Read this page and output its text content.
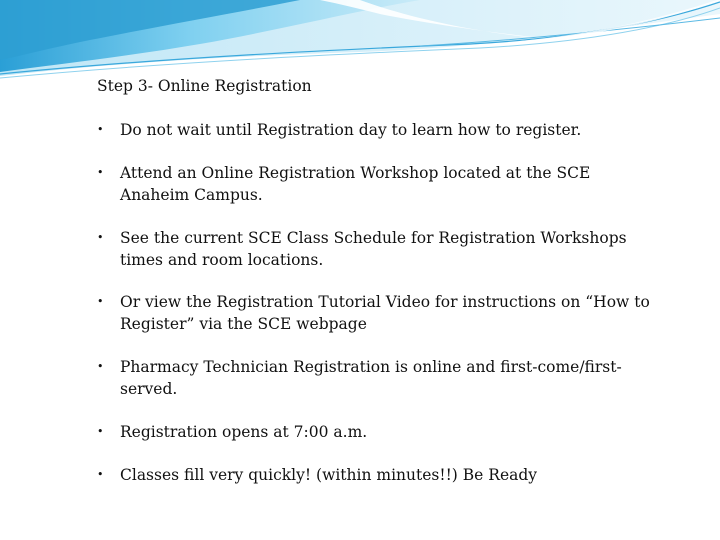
Step 3- Online Registration
•	Do not wait until Registration day to learn how to register.
•	Attend an Online Registration Workshop located at the SCE Anaheim Campus.
•	See the current SCE Class Schedule for Registration Workshops times and room locations.
•	Or view the Registration Tutorial Video for instructions on “How to Register” via the SCE webpage
•	Pharmacy Technician Registration is online and first-come/first-served.
•	Registration opens at 7:00 a.m.
•	Classes fill very quickly! (within minutes!!) Be Ready
